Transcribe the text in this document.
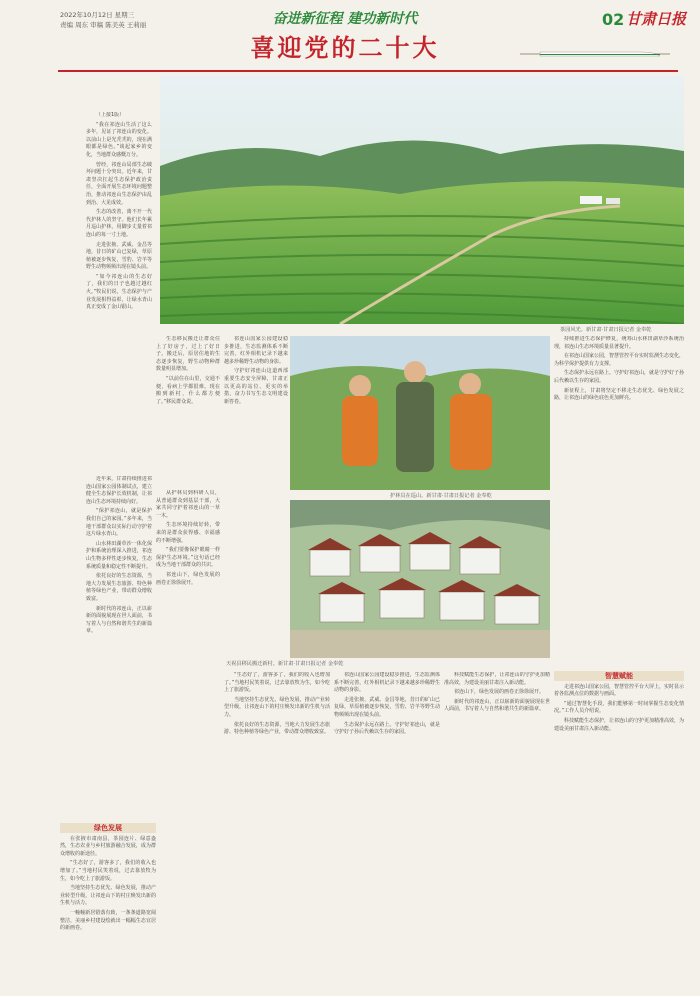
2022年10月12日 星期三
责编 周东 审稿 陈美英 王莉丽	奋进新征程 建功新时代
喜迎党的二十大
02 甘肃日报

（上接1版）

“我在祁连山生活了这么多年，见证了祁连山的变化。以前山上是光秃秃的，现在满眼都是绿色。”谈起家乡的变化，当地群众感慨万分。

曾经，祁连山局部生态破坏问题十分突出。近年来，甘肃坚决扛起生态保护政治责任，全面开展生态环境问题整治，推动祁连山生态保护由乱到治、大见成效。

生态的改善，离不开一代代护林人的坚守。他们长年累月巡山护林，用脚步丈量着祁连山的每一寸土地。

走进张掖、武威、金昌等地，昔日的矿山已复绿，草原植被逐步恢复，雪豹、岩羊等野生动物频频出现在镜头前。

“如今祁连山的生态好了，我们的日子也越过越红火。”牧民们说，生态保护与产业发展相得益彰，让绿水青山真正变成了金山银山。

近年来，甘肃持续推进祁连山国家公园体制试点，建立健全生态保护长效机制，让祁连山生态环境持续向好。

“保护祁连山，就是保护我们自己的家园。”多年来，当地干部群众以实际行动守护着这片绿水青山。

山水林田湖草沙一体化保护和系统治理深入推进，祁连山生物多样性逐步恢复，生态系统质量和稳定性不断提升。

依托良好的生态资源，当地大力发展生态旅游、特色种植等绿色产业，带动群众增收致富。

新时代的祁连山，正以崭新的面貌展现在世人面前，书写着人与自然和谐共生的新篇章。

绿色发展

在张掖市肃南县，茶园连片、绿意盎然，生态农业与乡村旅游融合发展，成为群众增收的新途径。

“生态好了，游客多了，我们的收入也增加了。”当地村民笑着说，过去靠放牧为生，如今吃上了旅游饭。

当地坚持生态优先、绿色发展，推动产业转型升级，让祁连山下的村庄焕发出新的生机与活力。

一幢幢新居错落有致，一条条道路宽阔整洁，美丽乡村建设绘就出一幅幅生态宜居的新画卷。

茶园风光。新甘肃·甘肃日报记者 金奉乾

生态移民搬迁让群众住上了好房子，过上了好日子。搬迁后，原居住地的生态逐步恢复，野生动物种群数量明显增加。

“以前住在山里，交通不便，看病上学都很难。现在搬到新村，什么都方便了。”移民群众说。

祁连山国家公园建设稳步推进，生态监测体系不断完善，红外相机记录下越来越多珍稀野生动物的身影。

守护好祁连山这道西部重要生态安全屏障，甘肃正以更高的站位、更实的举措，奋力书写生态文明建设新答卷。

护林员在巡山。新甘肃·甘肃日报记者 金奉乾

持续推进生态保护修复，统筹山水林田湖草沙系统治理，祁连山生态环境质量显著提升。

在祁连山国家公园，智慧管控平台实时监测生态变化，为科学保护提供有力支撑。

生态保护永远在路上。守护好祁连山，就是守护好子孙后代赖以生存的家园。

新征程上，甘肃将坚定不移走生态优先、绿色发展之路，让祁连山的绿色底色更加鲜亮。

智慧赋能

走进祁连山国家公园，智慧管控平台大屏上，实时显示着各监测点位的数据与画面。

“通过智慧化手段，我们能够第一时间掌握生态变化情况。”工作人员介绍说。

科技赋能生态保护，让祁连山的守护更加精准高效，为建设美丽甘肃注入新动能。

天祝县移民搬迁新村。新甘肃·甘肃日报记者 金奉乾

从护林员到科研人员，从普通群众到基层干部，大家共同守护着祁连山的一草一木。

生态环境持续好转，带来的是群众获得感、幸福感的不断增强。

“我们要像保护眼睛一样保护生态环境。”这句话已经成为当地干部群众的共识。

祁连山下，绿色发展的画卷正徐徐展开。

“生态好了，游客多了，我们的收入也增加了。”当地村民笑着说，过去靠放牧为生，如今吃上了旅游饭。

当地坚持生态优先、绿色发展，推动产业转型升级，让祁连山下的村庄焕发出新的生机与活力。

依托良好的生态资源，当地大力发展生态旅游、特色种植等绿色产业，带动群众增收致富。

祁连山国家公园建设稳步推进，生态监测体系不断完善，红外相机记录下越来越多珍稀野生动物的身影。

走进张掖、武威、金昌等地，昔日的矿山已复绿，草原植被逐步恢复，雪豹、岩羊等野生动物频频出现在镜头前。

生态保护永远在路上。守护好祁连山，就是守护好子孙后代赖以生存的家园。

科技赋能生态保护，让祁连山的守护更加精准高效，为建设美丽甘肃注入新动能。

祁连山下，绿色发展的画卷正徐徐展开。

新时代的祁连山，正以崭新的面貌展现在世人面前，书写着人与自然和谐共生的新篇章。
